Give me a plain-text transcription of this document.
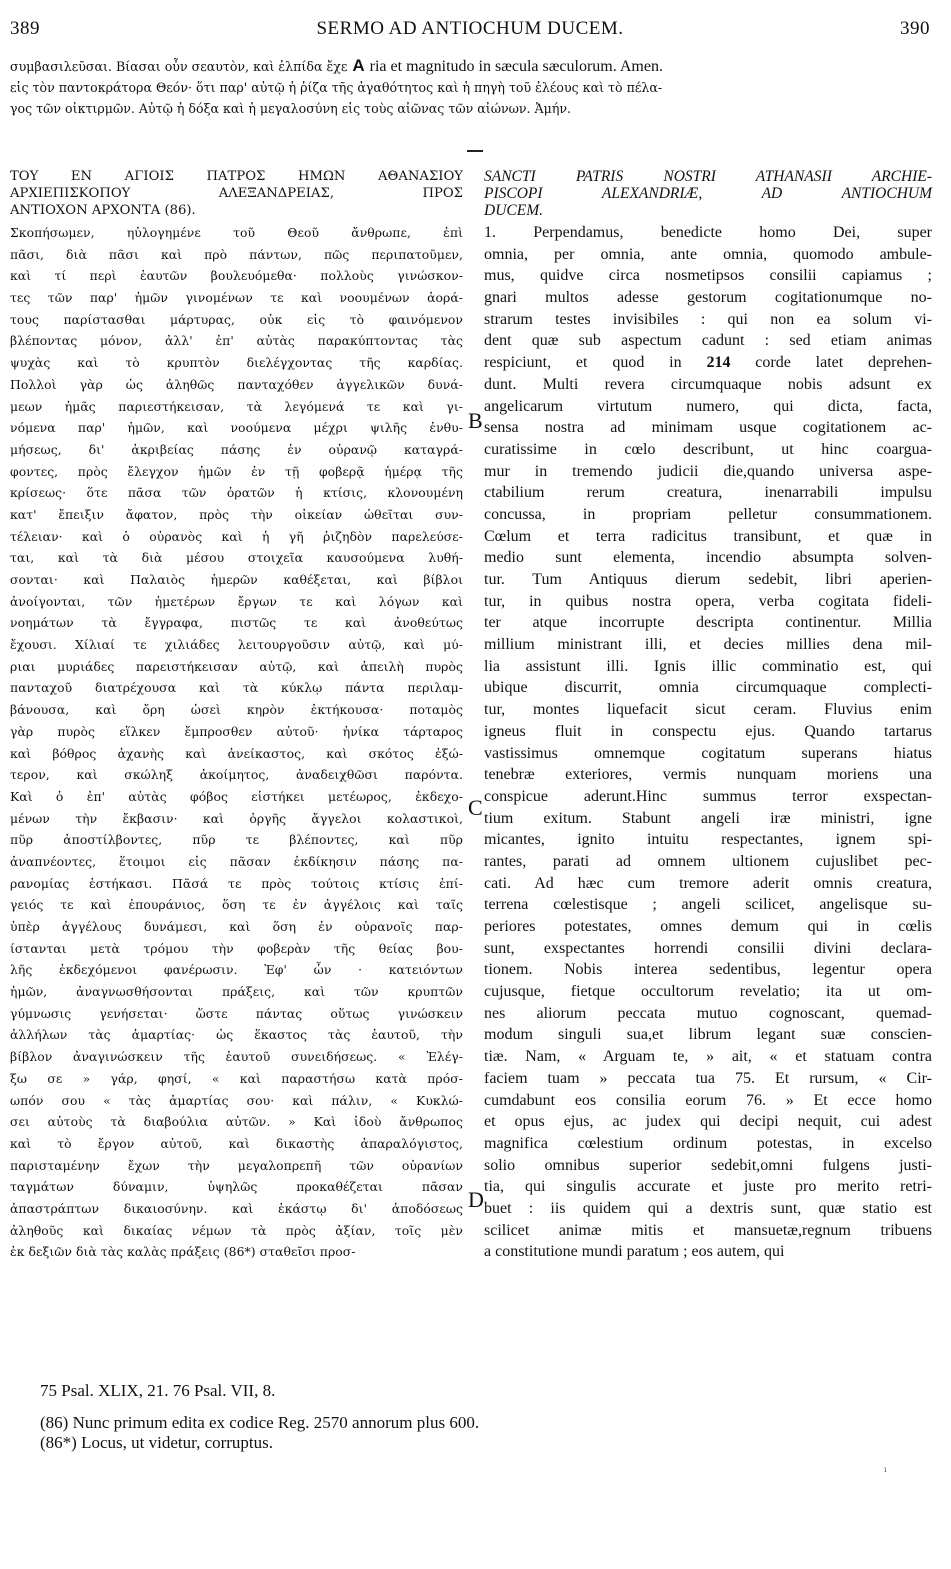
389	SERMO AD ANTIOCHUM DUCEM.	390
συμβασιλεῦσαι. Βίασαι οὖν σεαυτὸν, καὶ ἐλπίδα ἔχε A ria et magnitudo in sæcula sæculorum. Amen.
εἰς τὸν παντοκράτορα Θεόν· ὅτι παρ' αὐτῷ ἡ ῥίζα τῆς ἀγαθότητος καὶ ἡ πηγὴ τοῦ ἐλέους καὶ τὸ πέλα-
γος τῶν οἰκτιρμῶν. Αὐτῷ ἡ δόξα καὶ ἡ μεγαλοσύνη εἰς τοὺς αἰῶνας τῶν αἰώνων. Ἀμήν.
ΤΟΥ ΕΝ ΑΓΙΟΙΣ ΠΑΤΡΟΣ ΗΜΩΝ ΑΘΑΝΑΣΙΟΥ
ΑΡΧΙΕΠΙΣΚΟΠΟΥ ΑΛΕΞΑΝΔΡΕΙΑΣ, ΠΡΟΣ
ΑΝΤΙΟΧΟΝ ΑΡΧΟΝΤΑ (86).
Σκοπήσωμεν, ηὐλογημένε τοῦ Θεοῦ ἄνθρωπε, ἐπὶ
πᾶσι, διὰ πᾶσι καὶ πρὸ πάντων, πῶς περιπατοῦμεν,
καὶ τί περὶ ἑαυτῶν βουλευόμεθα· πολλοὺς γινώσκον-
τες τῶν παρ' ἡμῶν γινομένων τε καὶ νοουμένων ἀορά-
τους παρίστασθαι μάρτυρας, οὐκ εἰς τὸ φαινόμενον
βλέποντας μόνον, ἀλλ' ἐπ' αὐτὰς παρακύπτοντας τὰς
ψυχὰς καὶ τὸ κρυπτὸν διελέγχοντας τῆς καρδίας.
Πολλοὶ γὰρ ὡς ἀληθῶς πανταχόθεν ἀγγελικῶν δυνά-
μεων ἡμᾶς παριεστήκεισαν, τὰ λεγόμενά τε καὶ γι-
νόμενα παρ' ἡμῶν, καὶ νοούμενα μέχρι ψιλῆς ἐνθυ-
μήσεως, δι' ἀκριβείας πάσης ἐν οὐρανῷ καταγρά-
φοντες, πρὸς ἔλεγχον ἡμῶν ἐν τῇ φοβερᾷ ἡμέρᾳ τῆς
κρίσεως· ὅτε πᾶσα τῶν ὁρατῶν ἡ κτίσις, κλονουμένη
κατ' ἔπειξιν ἄφατον, πρὸς τὴν οἰκείαν ὠθεῖται συν-
τέλειαν· καὶ ὁ οὐρανὸς καὶ ἡ γῆ ῥιζηδὸν παρελεύσε-
ται, καὶ τὰ διὰ μέσου στοιχεῖα καυσούμενα λυθή-
σονται· καὶ Παλαιὸς ἡμερῶν καθέξεται, καὶ βίβλοι
ἀνοίγονται, τῶν ἡμετέρων ἔργων τε καὶ λόγων καὶ
νοημάτων τὰ ἔγγραφα, πιστῶς τε καὶ ἀνοθεύτως
ἔχουσι. Χίλιαί τε χιλιάδες λειτουργοῦσιν αὐτῷ, καὶ μύ-
ριαι μυριάδες παρειστήκεισαν αὐτῷ, καὶ ἀπειλὴ πυρὸς
πανταχοῦ διατρέχουσα καὶ τὰ κύκλῳ πάντα περιλαμ-
βάνουσα, καὶ ὄρη ὡσεὶ κηρὸν ἐκτήκουσα· ποταμὸς
γὰρ πυρὸς εἵλκεν ἔμπροσθεν αὐτοῦ· ἡνίκα τάρταρος
καὶ βόθρος ἀχανὴς καὶ ἀνείκαστος, καὶ σκότος ἐξώ-
τερον, καὶ σκώληξ ἀκοίμητος, ἀναδειχθῶσι παρόντα.
Καὶ ὁ ἐπ' αὐτὰς φόβος εἱστήκει μετέωρος, ἐκδεχο-
μένων τὴν ἔκβασιν· καὶ ὀργῆς ἄγγελοι κολαστικοὶ,
πῦρ ἀποστίλβοντες, πῦρ τε βλέποντες, καὶ πῦρ
ἀναπνέοντες, ἕτοιμοι εἰς πᾶσαν ἐκδίκησιν πάσης πα-
ρανομίας ἑστήκασι. Πᾶσά τε πρὸς τούτοις κτίσις ἐπί-
γειός τε καὶ ἐπουράνιος, ὅση τε ἐν ἀγγέλοις καὶ ταῖς
ὑπὲρ ἀγγέλους δυνάμεσι, καὶ ὅση ἐν οὐρανοῖς παρ-
ίστανται μετὰ τρόμου τὴν φοβερὰν τῆς θείας βου-
λῆς ἐκδεχόμενοι φανέρωσιν. Ἐφ' ὧν · κατειόντων
ἡμῶν, ἀναγνωσθήσονται πράξεις, καὶ τῶν κρυπτῶν
γύμνωσις γενήσεται· ὥστε πάντας οὕτως γινώσκειν
ἀλλήλων τὰς ἁμαρτίας· ὡς ἕκαστος τὰς ἑαυτοῦ, τὴν
βίβλον ἀναγινώσκειν τῆς ἑαυτοῦ συνειδήσεως. « Ἐλέγ-
ξω σε » γάρ, φησί, « καὶ παραστήσω κατὰ πρόσ-
ωπόν σου « τὰς ἁμαρτίας σου· καὶ πάλιν, « Κυκλώ-
σει αὐτοὺς τὰ διαβούλια αὐτῶν. » Καὶ ἰδοὺ ἄνθρωπος
καὶ τὸ ἔργον αὐτοῦ, καὶ δικαστὴς ἀπαραλόγιστος,
παρισταμένην ἔχων τὴν μεγαλοπρεπῆ τῶν οὐρανίων
ταγμάτων δύναμιν, ὑψηλῶς προκαθέζεται πᾶσαν
ἀπαστράπτων δικαιοσύνην. καὶ ἑκάστῳ δι' ἀποδόσεως
ἀληθοῦς καὶ δικαίας νέμων τὰ πρὸς ἀξίαν, τοῖς μὲν
ἐκ δεξιῶν διὰ τὰς καλὰς πράξεις (86*) σταθεῖσι προσ-
SANCTI PATRIS NOSTRI ATHANASII ARCHIE-
PISCOPI ALEXANDRIÆ, AD ANTIOCHUM
DUCEM.
1. Perpendamus, benedicte homo Dei, super
omnia, per omnia, ante omnia, quomodo ambule-
mus, quidve circa nosmetipsos consilii capiamus ;
gnari multos adesse gestorum cogitationumque no-
strarum testes invisibiles : qui non ea solum vi-
dent quæ sub aspectum cadunt : sed etiam animas
respiciunt, et quod in 214 corde latet deprehen-
dunt. Multi revera circumquaque nobis adsunt ex
angelicarum virtutum numero, qui dicta, facta,
sensa nostra ad minimam usque cogitationem ac-
curatissime in cœlo describunt, ut hinc coargua-
mur in tremendo judicii die,quando universa aspe-
ctabilium rerum creatura, inenarrabili impulsu
concussa, in propriam pelletur consummationem.
Cœlum et terra radicitus transibunt, et quæ in
medio sunt elementa, incendio absumpta solven-
tur. Tum Antiquus dierum sedebit, libri aperien-
tur, in quibus nostra opera, verba cogitata fideli-
ter atque incorrupte descripta continentur. Millia
millium ministrant illi, et decies millies dena mil-
lia assistunt illi. Ignis illic comminatio est, qui
ubique discurrit, omnia circumquaque complecti-
tur, montes liquefacit sicut ceram. Fluvius enim
igneus fluit in conspectu ejus. Quando tartarus
vastissimus omnemque cogitatum superans hiatus
tenebræ exteriores, vermis nunquam moriens una
conspicue aderunt.Hinc summus terror exspectan-
tium exitum. Stabunt angeli iræ ministri, igne
micantes, ignito intuitu respectantes, ignem spi-
rantes, parati ad omnem ultionem cujuslibet pec-
cati. Ad hæc cum tremore aderit omnis creatura,
terrena cœlestisque ; angeli scilicet, angelisque su-
periores potestates, omnes demum qui in cœlis
sunt, exspectantes horrendi consilii divini declara-
tionem. Nobis interea sedentibus, legentur opera
cujusque, fietque occultorum revelatio; ita ut om-
nes aliorum peccata mutuo cognoscant, quemad-
modum singuli sua,et librum legant suæ conscien-
tiæ. Nam, « Arguam te, » ait, « et statuam contra
faciem tuam » peccata tua 75. Et rursum, « Cir-
cumdabunt eos consilia eorum 76. » Et ecce homo
et opus ejus, ac judex qui decipi nequit, cui adest
magnifica cœlestium ordinum potestas, in excelso
solio omnibus superior sedebit,omni fulgens justi-
tia, qui singulis accurate et juste pro merito retri-
buet : iis quidem qui a dextris sunt, quæ statio est
scilicet animæ mitis et mansuetæ,regnum tribuens
a constitutione mundi paratum ; eos autem, qui
B
C
D
75 Psal. XLIX, 21. 76 Psal. VII, 8.
(86) Nunc primum edita ex codice Reg. 2570 annorum plus 600.
(86*) Locus, ut videtur, corruptus.
ı
